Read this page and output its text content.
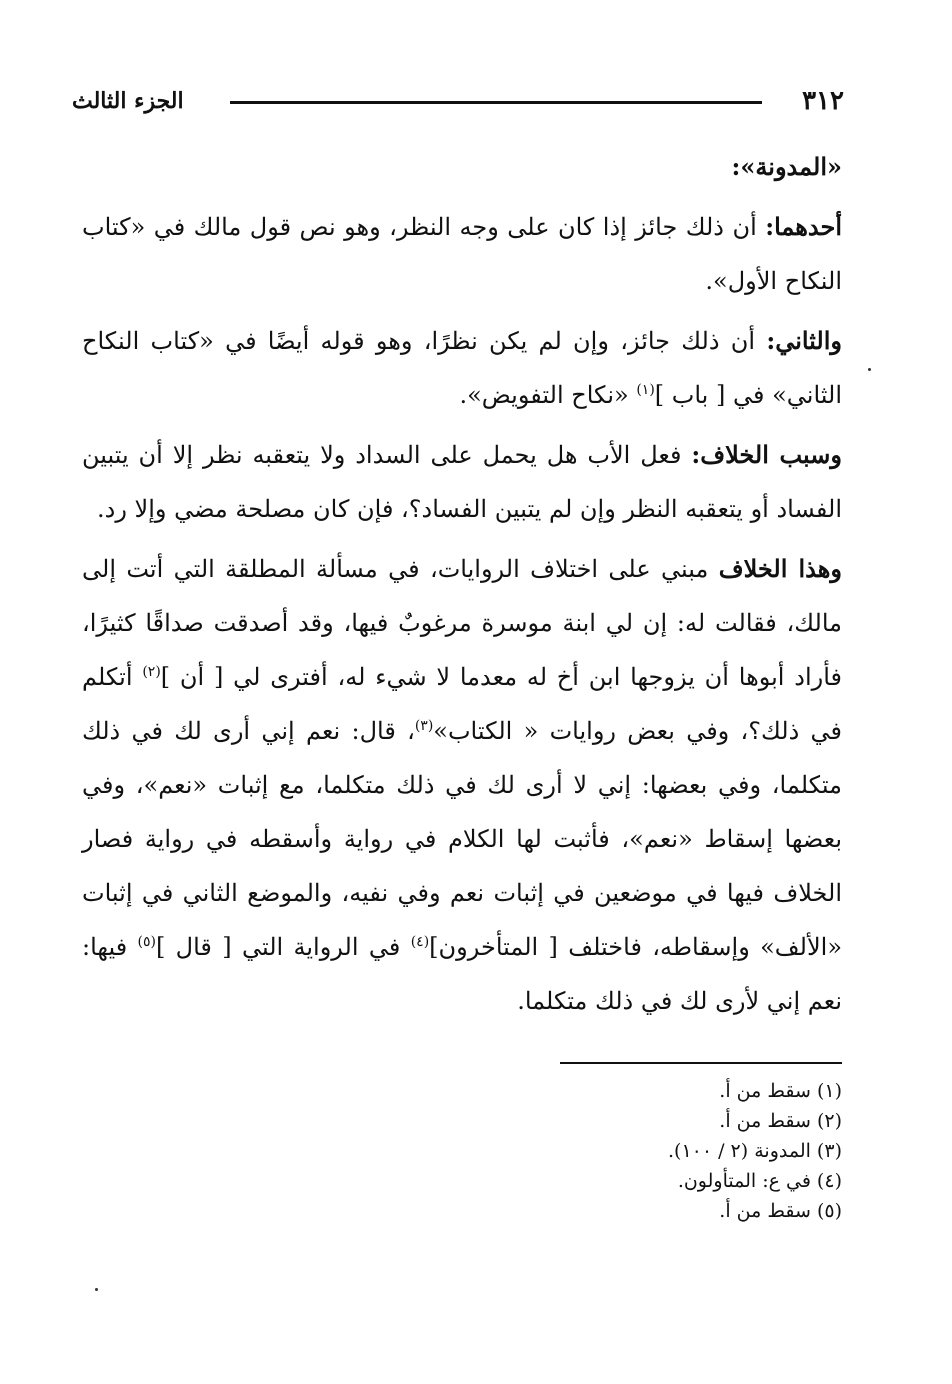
٣١٢
الجزء الثالث

«المدونة»:

أحدهما: أن ذلك جائز إذا كان على وجه النظر، وهو نص قول مالك في «كتاب النكاح الأول».

والثاني: أن ذلك جائز، وإن لم يكن نظرًا، وهو قوله أيضًا في «كتاب النكاح الثاني» في [ باب ]$^{(١)}$ «نكاح التفويض».

وسبب الخلاف: فعل الأب هل يحمل على السداد ولا يتعقبه نظر إلا أن يتبين الفساد أو يتعقبه النظر وإن لم يتبين الفساد؟، فإن كان مصلحة مضي وإلا رد.

وهذا الخلاف مبني على اختلاف الروايات، في مسألة المطلقة التي أتت إلى مالك، فقالت له: إن لي ابنة موسرة مرغوبٌ فيها، وقد أصدقت صداقًا كثيرًا، فأراد أبوها أن يزوجها ابن أخ له معدما لا شيء له، أفترى لي [ أن ]$^{(٢)}$ أتكلم في ذلك؟، وفي بعض روايات « الكتاب»$^{(٣)}$، قال: نعم إني أرى لك في ذلك متكلما، وفي بعضها: إني لا أرى لك في ذلك متكلما، مع إثبات «نعم»، وفي بعضها إسقاط «نعم»، فأثبت لها الكلام في رواية وأسقطه في رواية فصار الخلاف فيها في موضعين في إثبات نعم وفي نفيه، والموضع الثاني في إثبات «الألف» وإسقاطه، فاختلف [ المتأخرون]$^{(٤)}$ في الرواية التي [ قال ]$^{(٥)}$ فيها: نعم إني لأرى لك في ذلك متكلما.

(١) سقط من أ.
(٢) سقط من أ.
(٣) المدونة (٢ / ١٠٠).
(٤) في ع: المتأولون.
(٥) سقط من أ.
